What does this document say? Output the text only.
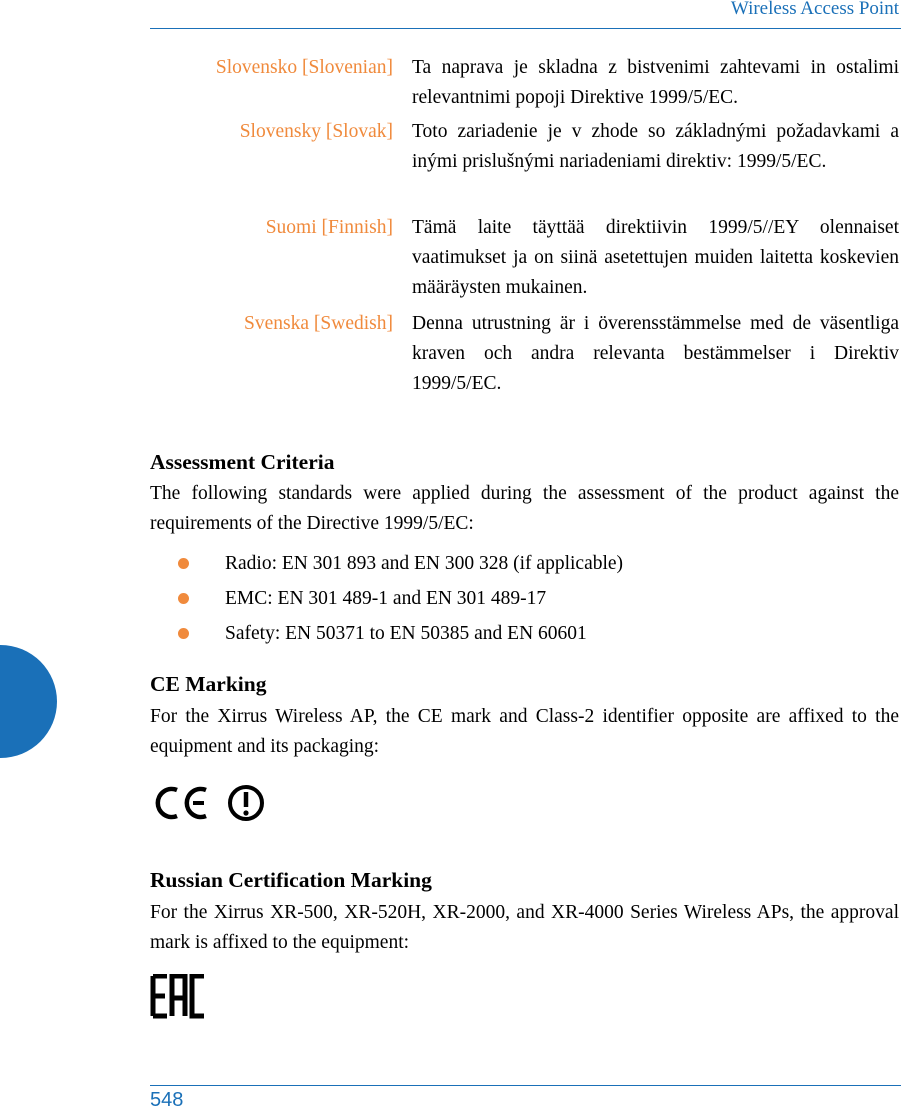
Wireless Access Point
Slovensko [Slovenian] Ta naprava je skladna z bistvenimi zahtevami in ostalimi relevantnimi popoji Direktive 1999/5/EC.
Slovensky [Slovak] Toto zariadenie je v zhode so základnými požadavkami a inými prislušnými nariadeniami direktiv: 1999/5/EC.
Suomi [Finnish] Tämä laite täyttää direktiivin 1999/5//EY olennaiset vaatimukset ja on siinä asetettujen muiden laitetta koskevien määräysten mukainen.
Svenska [Swedish] Denna utrustning är i överensstämmelse med de väsentliga kraven och andra relevanta bestämmelser i Direktiv 1999/5/EC.
Assessment Criteria
The following standards were applied during the assessment of the product against the requirements of the Directive 1999/5/EC:
Radio: EN 301 893 and EN 300 328 (if applicable)
EMC: EN 301 489-1 and EN 301 489-17
Safety: EN 50371 to EN 50385 and EN 60601
CE Marking
For the Xirrus Wireless AP, the CE mark and Class-2 identifier opposite are affixed to the equipment and its packaging:
Russian Certification Marking
For the Xirrus XR-500, XR-520H, XR-2000, and XR-4000 Series Wireless APs, the approval mark is affixed to the equipment:
548
